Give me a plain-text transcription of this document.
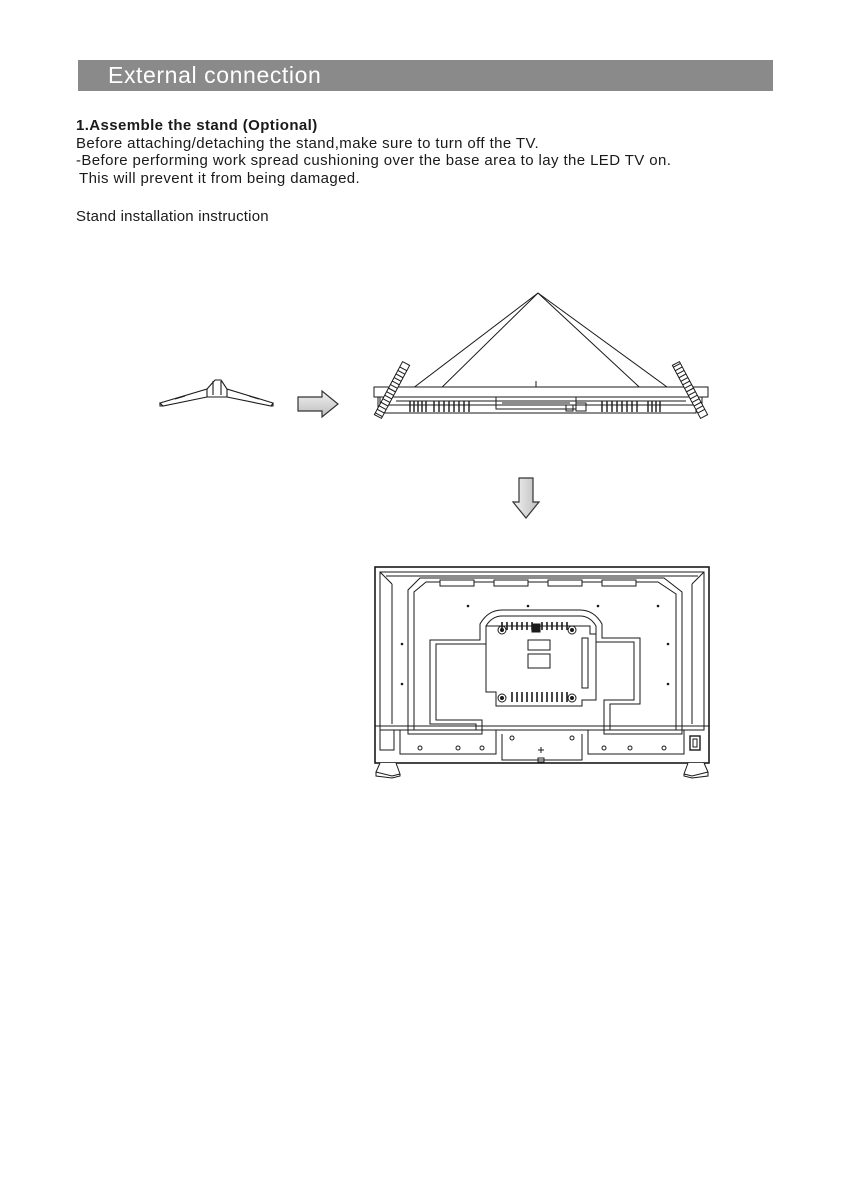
External connection
1.Assemble the stand (Optional)
Before attaching/detaching the stand,make sure to turn off the TV.
-Before performing work spread cushioning over the base area to lay the LED TV on.
This will prevent it from being damaged.
Stand installation instruction
